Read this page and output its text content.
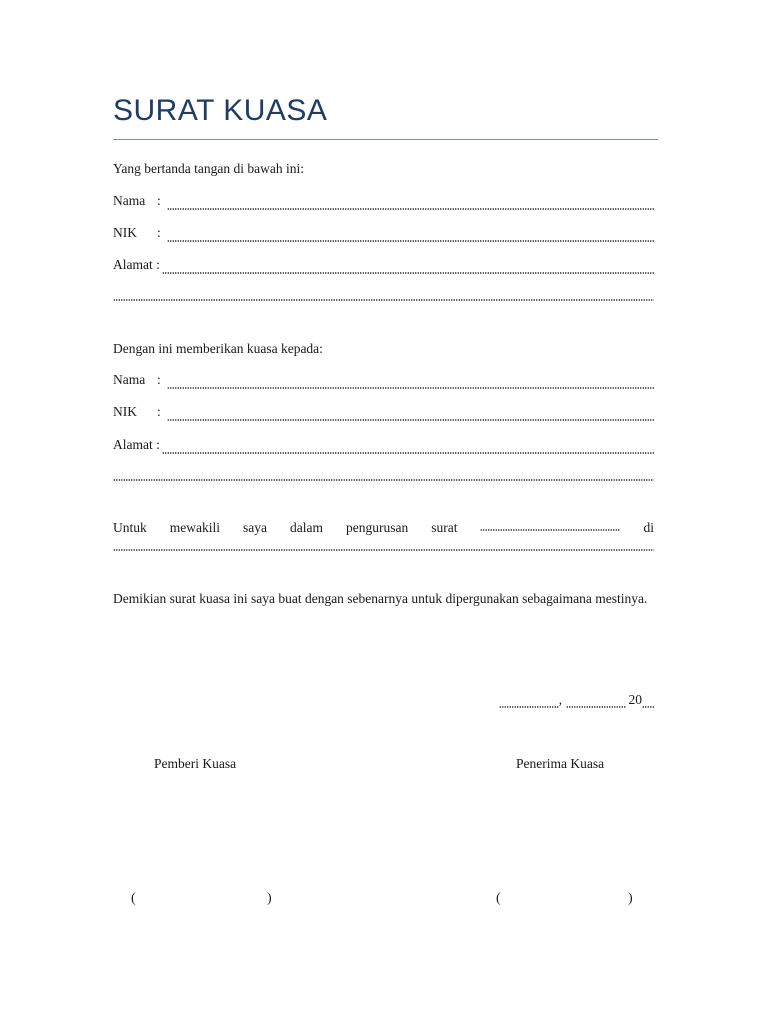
SURAT KUASA
Yang bertanda tangan di bawah ini:
Nama :
NIK	:
Alamat :
Dengan ini memberikan kuasa kepada:
Nama :
NIK	:
Alamat :
Untuk mewakili saya dalam pengurusan surat	di
Demikian surat kuasa ini saya buat dengan sebenarnya untuk dipergunakan sebagaimana mestinya.
,	20
Pemberi Kuasa	Penerima Kuasa
(	)	(	)
